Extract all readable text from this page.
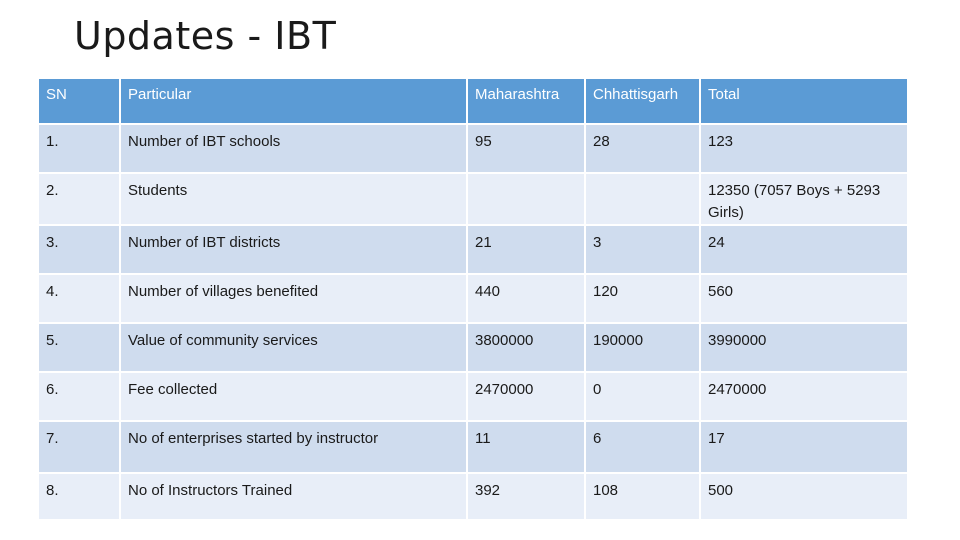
Updates - IBT
SN	Particular	Maharashtra	Chhattisgarh	Total
1.	Number of IBT schools	95	28	123
2.	Students			12350 (7057 Boys + 5293 Girls)
3.	Number of IBT districts	21	3	24
4.	Number of villages benefited	440	120	560
5.	Value of community services	3800000	190000	3990000
6.	Fee collected	2470000	0	2470000
7.	No of enterprises started by instructor	11	6	17
8.	No of Instructors Trained	392	108	500
